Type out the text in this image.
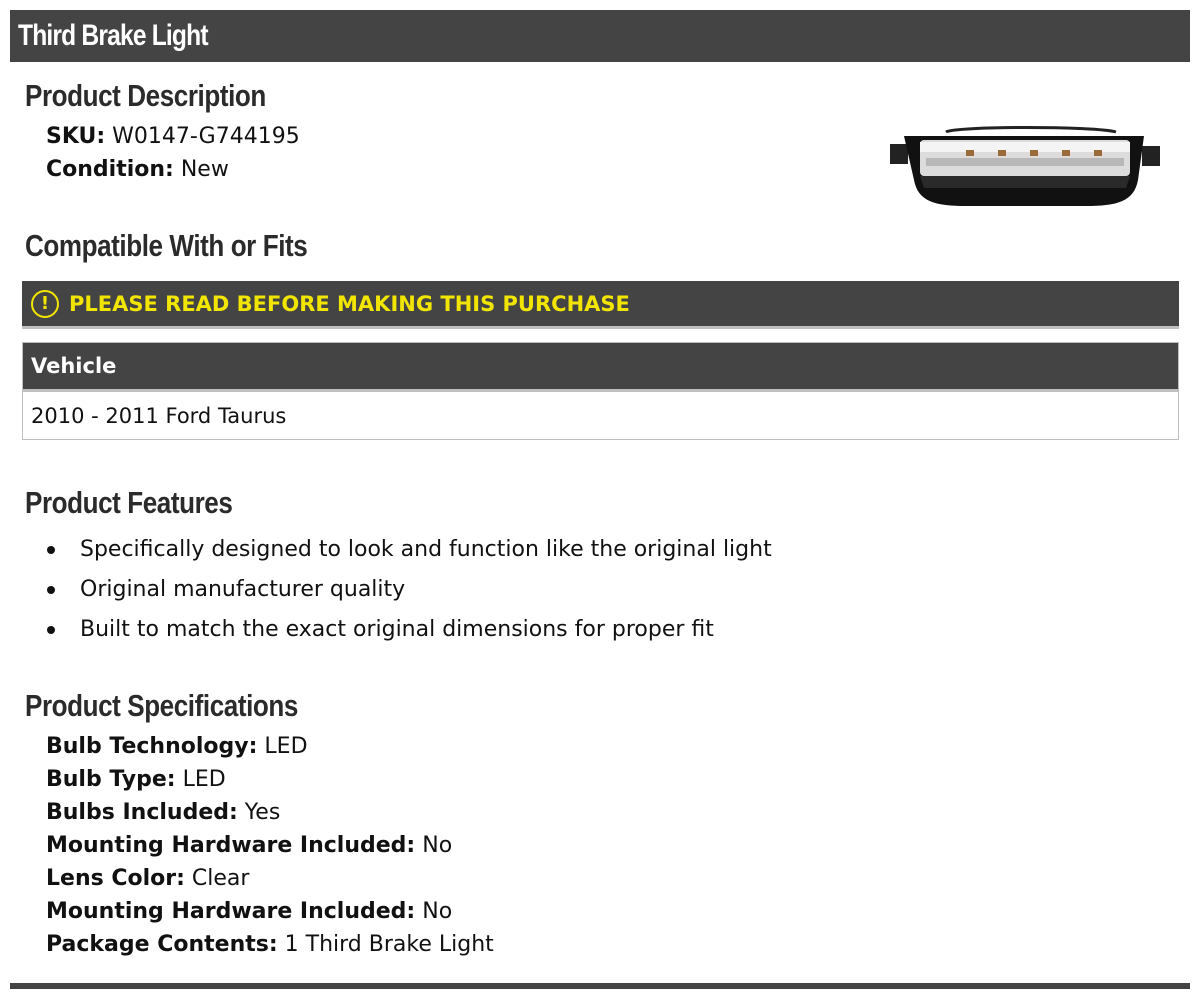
Third Brake Light
Product Description
SKU: W0147-G744195
Condition: New
Compatible With or Fits
! PLEASE READ BEFORE MAKING THIS PURCHASE
Vehicle
2010 - 2011 Ford Taurus
Product Features
Specifically designed to look and function like the original light
Original manufacturer quality
Built to match the exact original dimensions for proper fit
Product Specifications
Bulb Technology: LED
Bulb Type: LED
Bulbs Included: Yes
Mounting Hardware Included: No
Lens Color: Clear
Mounting Hardware Included: No
Package Contents: 1 Third Brake Light
